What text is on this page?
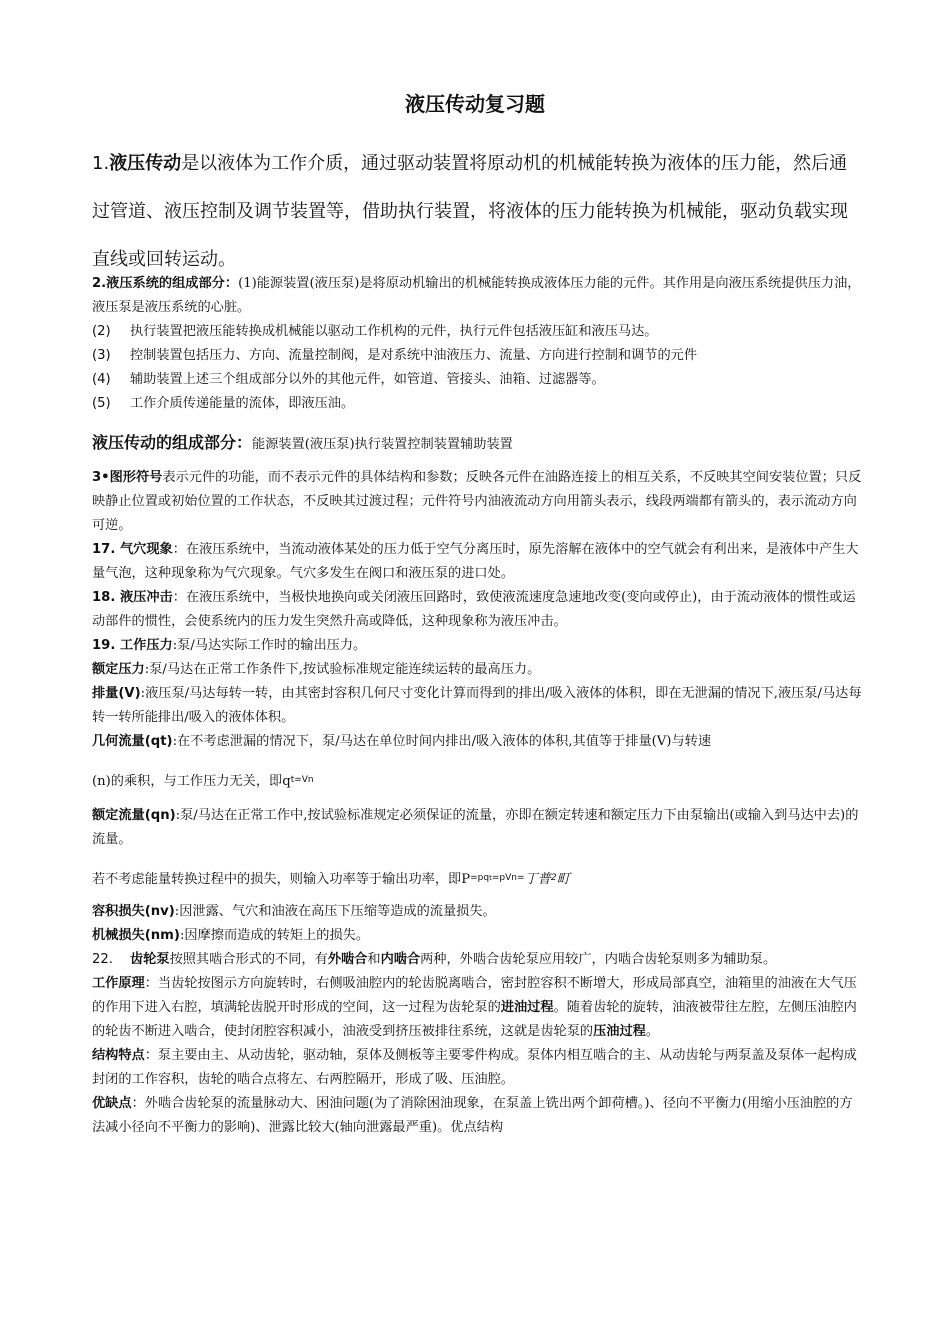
液压传动复习题
1.液压传动是以液体为工作介质，通过驱动装置将原动机的机械能转换为液体的压力能，然后通过管道、液压控制及调节装置等，借助执行装置，将液体的压力能转换为机械能，驱动负载实现直线或回转运动。

2.液压系统的组成部分：(1)能源装置(液压泵)是将原动机输出的机械能转换成液体压力能的元件。其作用是向液压系统提供压力油，液压泵是液压系统的心脏。

(2) 执行装置把液压能转换成机械能以驱动工作机构的元件，执行元件包括液压缸和液压马达。

(3) 控制装置包括压力、方向、流量控制阀，是对系统中油液压力、流量、方向进行控制和调节的元件

(4) 辅助装置上述三个组成部分以外的其他元件，如管道、管接头、油箱、过滤器等。

(5) 工作介质传递能量的流体，即液压油。

液压传动的组成部分：能源装置(液压泵)执行装置控制装置辅助装置

3•图形符号表示元件的功能，而不表示元件的具体结构和参数；反映各元件在油路连接上的相互关系，不反映其空间安装位置；只反映静止位置或初始位置的工作状态，不反映其过渡过程；元件符号内油液流动方向用箭头表示，线段两端都有箭头的，表示流动方向可逆。

17. 气穴现象：在液压系统中，当流动液体某处的压力低于空气分离压时，原先溶解在液体中的空气就会有利出来，是液体中产生大量气泡，这种现象称为气穴现象。气穴多发生在阀口和液压泵的进口处。

18. 液压冲击：在液压系统中，当极快地换向或关闭液压回路时，致使液流速度急速地改变(变向或停止)，由于流动液体的惯性或运动部件的惯性，会使系统内的压力发生突然升高或降低，这种现象称为液压冲击。

19. 工作压力:泵/马达实际工作时的输出压力。

额定压力:泵/马达在正常工作条件下,按试验标准规定能连续运转的最高压力。

排量(V):液压泵/马达每转一转，由其密封容积几何尺寸变化计算而得到的排出/吸入液体的体积，即在无泄漏的情况下,液压泵/马达每转一转所能排出/吸入的液体体积。

几何流量(qt):在不考虑泄漏的情况下，泵/马达在单位时间内排出/吸入液体的体积,其值等于排量(V)与转速

(n)的乘积，与工作压力无关，即$q^{t=Vn}$
额定流量(qn):泵/马达在正常工作中,按试验标准规定必须保证的流量，亦即在额定转速和额定压力下由泵输出(或输入到马达中去)的流量。
若不考虑能量转换过程中的损失，则输入功率等于输出功率，即$P^{=pqt=pVn=}$丁普$^2$町

容积损失(nv):因泄露、气穴和油液在高压下压缩等造成的流量损失。

机械损失(nm):因摩擦而造成的转矩上的损失。

22. 齿轮泵按照其啮合形式的不同，有外啮合和内啮合两种，外啮合齿轮泵应用较广，内啮合齿轮泵则多为辅助泵。

工作原理：当齿轮按图示方向旋转时，右侧吸油腔内的轮齿脱离啮合，密封腔容积不断增大，形成局部真空，油箱里的油液在大气压的作用下进入右腔，填满轮齿脱开时形成的空间，这一过程为齿轮泵的进油过程。随着齿轮的旋转，油液被带往左腔，左侧压油腔内的轮齿不断进入啮合，使封闭腔容积减小，油液受到挤压被排往系统，这就是齿轮泵的压油过程。

结构特点：泵主要由主、从动齿轮，驱动轴，泵体及侧板等主要零件构成。泵体内相互啮合的主、从动齿轮与两泵盖及泵体一起构成封闭的工作容积，齿轮的啮合点将左、右两腔隔开，形成了吸、压油腔。

优缺点：外啮合齿轮泵的流量脉动大、困油问题(为了消除困油现象，在泵盖上铣出两个卸荷槽。)、径向不平衡力(用缩小压油腔的方法减小径向不平衡力的影响)、泄露比较大(轴向泄露最严重)。优点结构
